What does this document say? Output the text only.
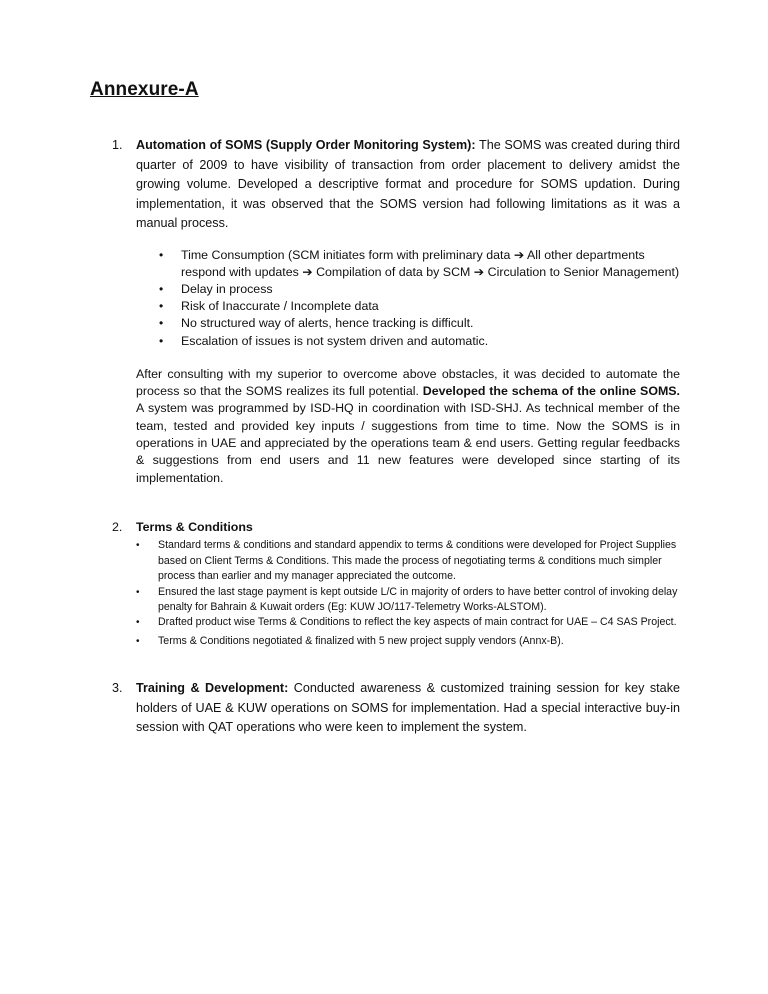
Annexure-A
1. Automation of SOMS (Supply Order Monitoring System): The SOMS was created during third quarter of 2009 to have visibility of transaction from order placement to delivery amidst the growing volume. Developed a descriptive format and procedure for SOMS updation. During implementation, it was observed that the SOMS version had following limitations as it was a manual process.
• Time Consumption (SCM initiates form with preliminary data ➔ All other departments respond with updates ➔ Compilation of data by SCM ➔ Circulation to Senior Management)
• Delay in process
• Risk of Inaccurate / Incomplete data
• No structured way of alerts, hence tracking is difficult.
• Escalation of issues is not system driven and automatic.
After consulting with my superior to overcome above obstacles, it was decided to automate the process so that the SOMS realizes its full potential. Developed the schema of the online SOMS. A system was programmed by ISD-HQ in coordination with ISD-SHJ. As technical member of the team, tested and provided key inputs / suggestions from time to time. Now the SOMS is in operations in UAE and appreciated by the operations team & end users. Getting regular feedbacks & suggestions from end users and 11 new features were developed since starting of its implementation.
2. Terms & Conditions
• Standard terms & conditions and standard appendix to terms & conditions were developed for Project Supplies based on Client Terms & Conditions. This made the process of negotiating terms & conditions much simpler process than earlier and my manager appreciated the outcome.
• Ensured the last stage payment is kept outside L/C in majority of orders to have better control of invoking delay penalty for Bahrain & Kuwait orders (Eg: KUW JO/117-Telemetry Works-ALSTOM).
• Drafted product wise Terms & Conditions to reflect the key aspects of main contract for UAE – C4 SAS Project.
• Terms & Conditions negotiated & finalized with 5 new project supply vendors (Annx-B).
3. Training & Development: Conducted awareness & customized training session for key stake holders of UAE & KUW operations on SOMS for implementation. Had a special interactive buy-in session with QAT operations who were keen to implement the system.
